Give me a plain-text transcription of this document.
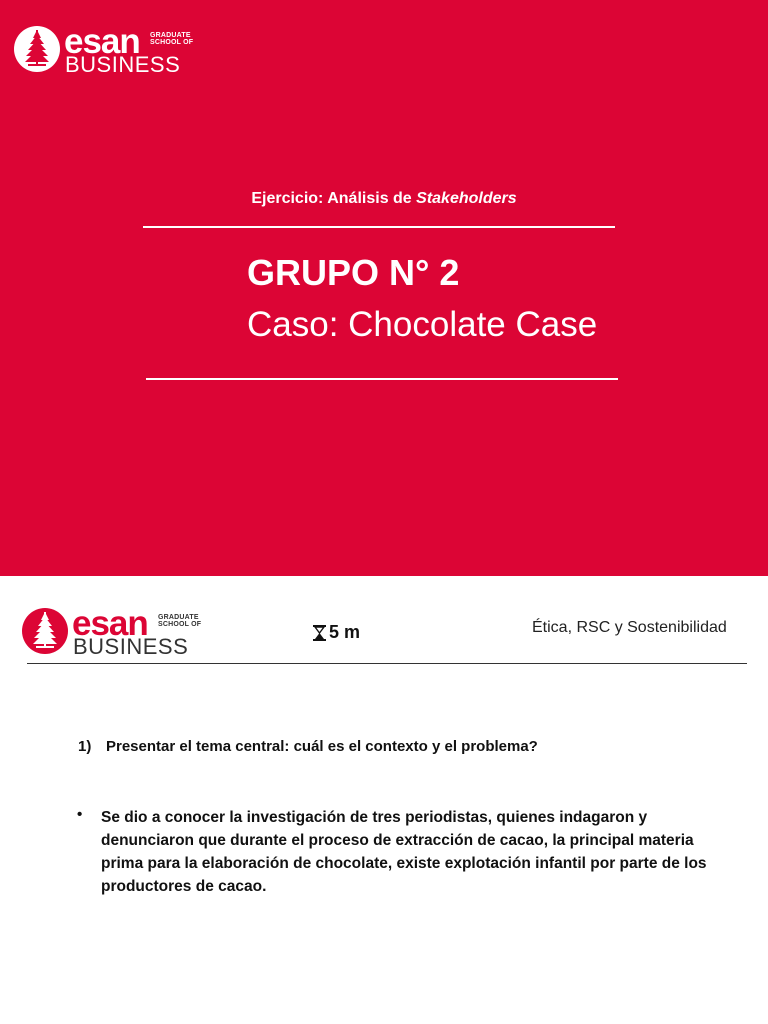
esan GRADUATE SCHOOL OF
BUSINESS
Ejercicio: Análisis de Stakeholders
GRUPO N° 2
Caso: Chocolate Case
esan GRADUATE SCHOOL OF
BUSINESS
5 m	Ética, RSC y Sostenibilidad
1) Presentar el tema central: cuál es el contexto y el problema?
• Se dio a conocer la investigación de tres periodistas, quienes indagaron y denunciaron que durante el proceso de extracción de cacao, la principal materia prima para la elaboración de chocolate, existe explotación infantil por parte de los productores de cacao.
